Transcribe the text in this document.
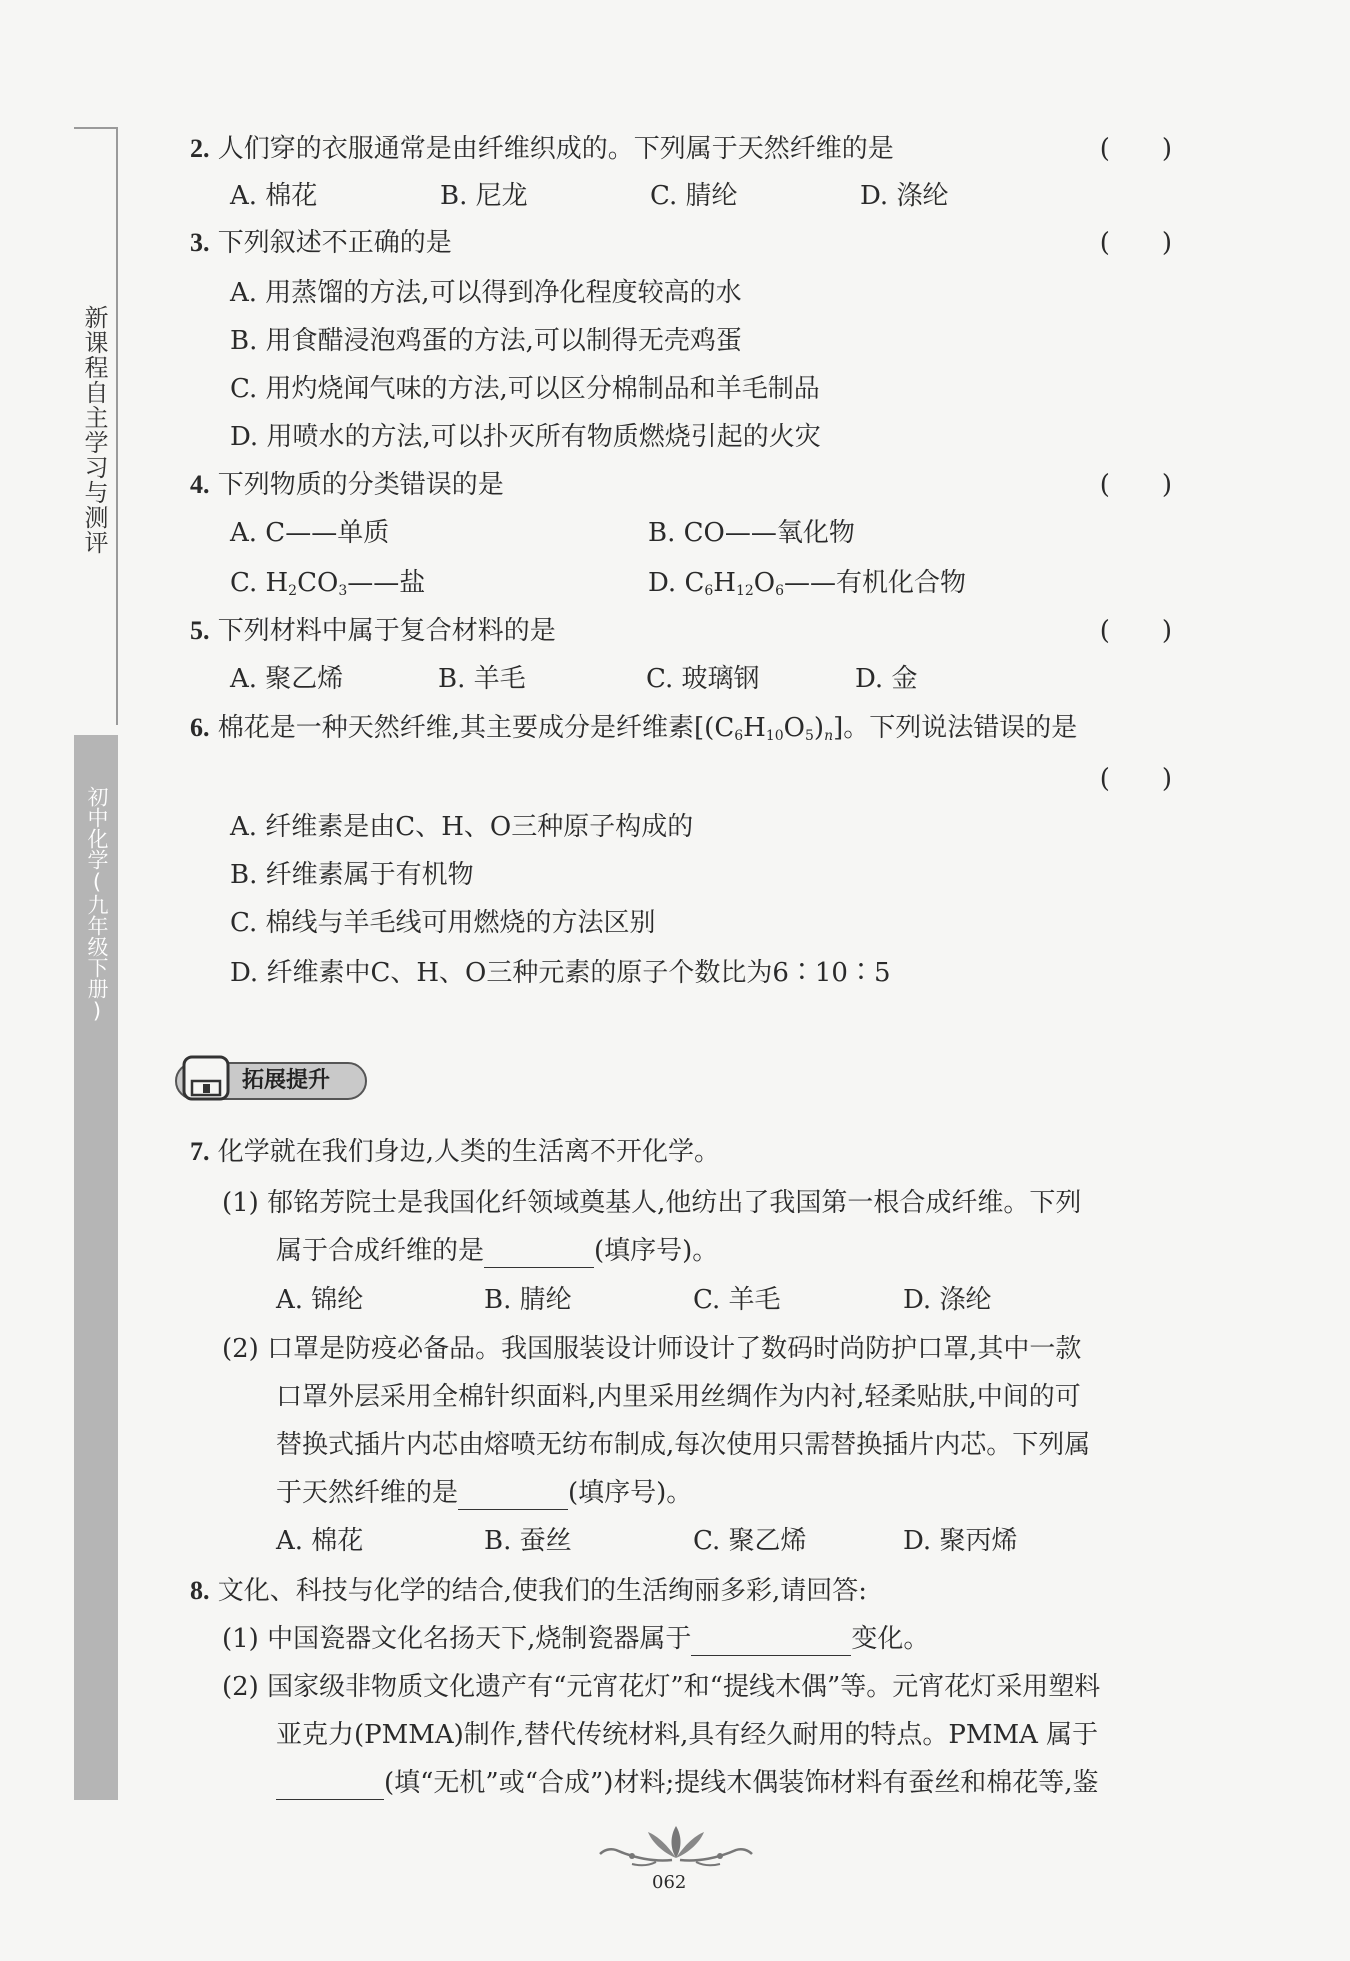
新课程自主学习与测评
初中化学(九年级下册)
2. 人们穿的衣服通常是由纤维织成的。下列属于天然纤维的是	(　　)
A. 棉花	B. 尼龙	C. 腈纶	D. 涤纶
3. 下列叙述不正确的是	(　　)
A. 用蒸馏的方法,可以得到净化程度较高的水
B. 用食醋浸泡鸡蛋的方法,可以制得无壳鸡蛋
C. 用灼烧闻气味的方法,可以区分棉制品和羊毛制品
D. 用喷水的方法,可以扑灭所有物质燃烧引起的火灾
4. 下列物质的分类错误的是	(　　)
A. C——单质	B. CO——氧化物
C. $H_2CO_3——$盐	D. $C_6H_{12}O_6——$有机化合物
5. 下列材料中属于复合材料的是	(　　)
A. 聚乙烯	B. 羊毛	C. 玻璃钢	D. 金
6. 棉花是一种天然纤维,其主要成分是纤维素$[(C_6H_{10}O_5)_n]$。下列说法错误的是
(　　)
A. 纤维素是由C、H、O三种原子构成的
B. 纤维素属于有机物
C. 棉线与羊毛线可用燃烧的方法区别
D. 纤维素中C、H、O三种元素的原子个数比为6∶10∶5
拓展提升
7. 化学就在我们身边,人类的生活离不开化学。
(1) 郁铭芳院士是我国化纤领域奠基人,他纺出了我国第一根合成纤维。下列
属于合成纤维的是	(填序号)。
A. 锦纶	B. 腈纶	C. 羊毛	D. 涤纶
(2) 口罩是防疫必备品。我国服装设计师设计了数码时尚防护口罩,其中一款
口罩外层采用全棉针织面料,内里采用丝绸作为内衬,轻柔贴肤,中间的可
替换式插片内芯由熔喷无纺布制成,每次使用只需替换插片内芯。下列属
于天然纤维的是	(填序号)。
A. 棉花	B. 蚕丝	C. 聚乙烯	D. 聚丙烯
8. 文化、科技与化学的结合,使我们的生活绚丽多彩,请回答:
(1) 中国瓷器文化名扬天下,烧制瓷器属于	变化。
(2) 国家级非物质文化遗产有“元宵花灯”和“提线木偶”等。元宵花灯采用塑料
亚克力(PMMA)制作,替代传统材料,具有经久耐用的特点。PMMA 属于
(填“无机”或“合成”)材料;提线木偶装饰材料有蚕丝和棉花等,鉴
062
